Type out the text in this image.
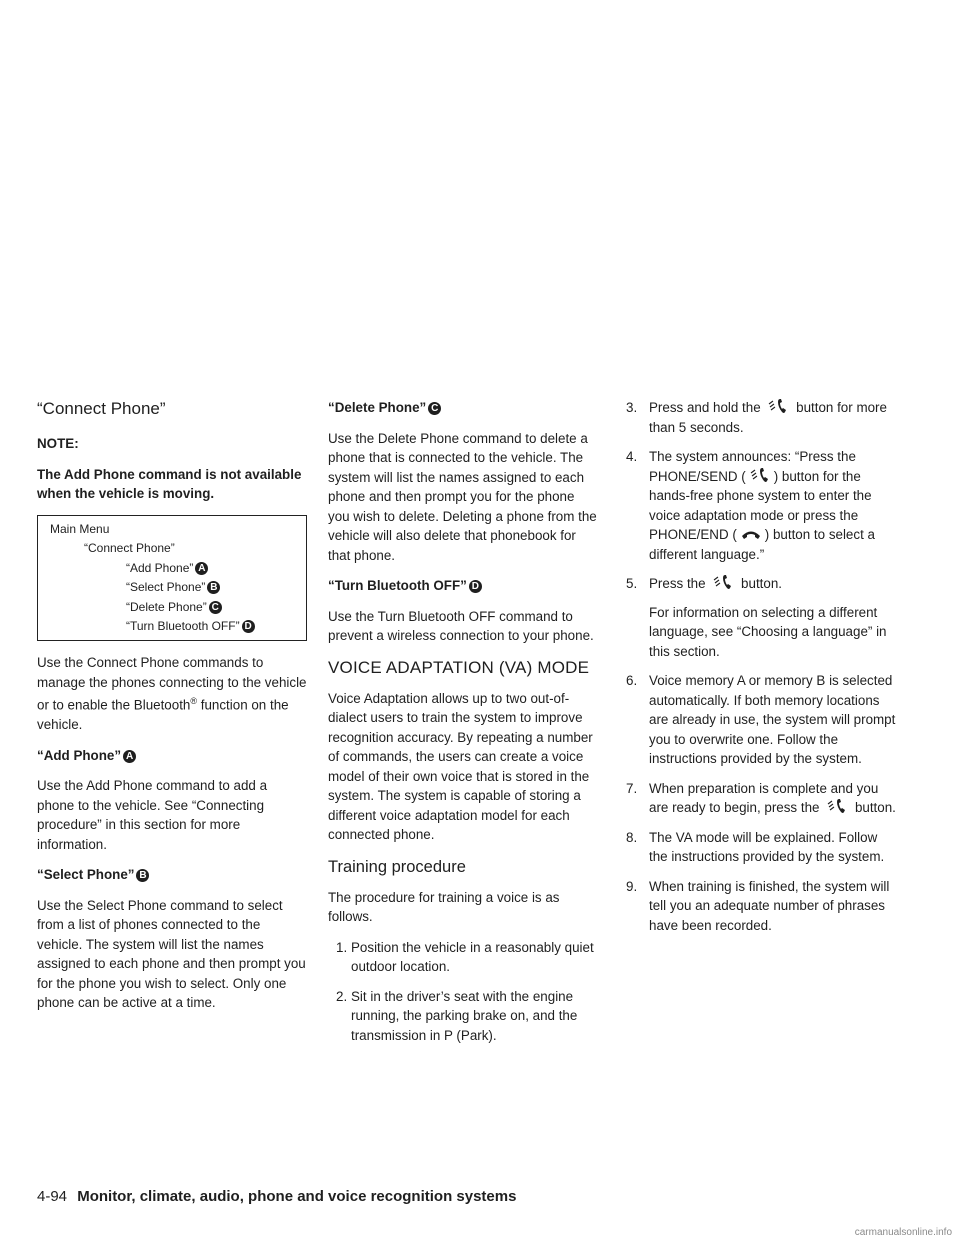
“Connect Phone”

NOTE:

The Add Phone command is not available when the vehicle is moving.

Main Menu
“Connect Phone”
“Add Phone” A
“Select Phone” B
“Delete Phone” C
“Turn Bluetooth OFF” D

Use the Connect Phone commands to manage the phones connecting to the vehicle or to enable the Bluetooth® function on the vehicle.

“Add Phone” A

Use the Add Phone command to add a phone to the vehicle. See “Connecting procedure” in this section for more information.

“Select Phone” B

Use the Select Phone command to select from a list of phones connected to the vehicle. The system will list the names assigned to each phone and then prompt you for the phone you wish to select. Only one phone can be active at a time.

“Delete Phone” C

Use the Delete Phone command to delete a phone that is connected to the vehicle. The system will list the names assigned to each phone and then prompt you for the phone you wish to delete. Deleting a phone from the vehicle will also delete that phonebook for that phone.

“Turn Bluetooth OFF” D

Use the Turn Bluetooth OFF command to prevent a wireless connection to your phone.

VOICE ADAPTATION (VA) MODE

Voice Adaptation allows up to two out-of-dialect users to train the system to improve recognition accuracy. By repeating a number of commands, the users can create a voice model of their own voice that is stored in the system. The system is capable of storing a different voice adaptation model for each connected phone.

Training procedure

The procedure for training a voice is as follows.

1. Position the vehicle in a reasonably quiet outdoor location.
2. Sit in the driver’s seat with the engine running, the parking brake on, and the transmission in P (Park).
3. Press and hold the	button for more than 5 seconds.
4. The system announces: “Press the PHONE/SEND ( ) button for the hands-free phone system to enter the voice adaptation mode or press the PHONE/END ( ) button to select a different language.”
5. Press the	button.
For information on selecting a different language, see “Choosing a language” in this section.
6. Voice memory A or memory B is selected automatically. If both memory locations are already in use, the system will prompt you to overwrite one. Follow the instructions provided by the system.
7. When preparation is complete and you are ready to begin, press the	button.
8. The VA mode will be explained. Follow the instructions provided by the system.
9. When training is finished, the system will tell you an adequate number of phrases have been recorded.
4-94 Monitor, climate, audio, phone and voice recognition systems
carmanualsonline.info
